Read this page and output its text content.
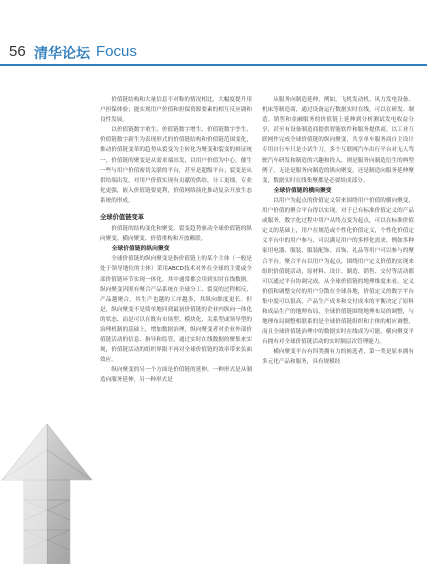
56 清华论坛 Focus

价值链结构和大量信息不对称的情况相比，大幅度提升用户担保体验；能实现用户价值和担保资源要素的相互反应调和良性发展。

以价值链数字重生、价值链数字增生、价值链数字孪生、价值链数字新生为表现形式的价值链结构和价值链范围变化，推动价值链变革的趋势从裂变为主转化为聚变和裂变的辩证统一，价值链的聚变是从需求端出发，以用户价值为中心，催生一些与用户价值密切关联的平台，甚至是超级平台；裂变是从供给端出发，对用户价值实现有贡献的供给，分工更细，专业化更强，嵌入价值链要更利，价值网络演化推动复杂开放生态系统的形成。

全球价值链变革

价值链的结构变化和聚变、裂变趋势驱动全球价值链的纵向聚变、横向聚变、价值重构和开放赖联。

全球价值链的纵向聚变

全球价值链的纵向聚变是指价值链上的某个主体（一般是处于领导地位的主体）采用ABCD技术对外在全球的主要或全部价值链环节实现一体化。其中通常都会用到实时在线数据。纵向聚变因照有聚合产品系统在全球分工、裂变的过程相反，产品越聚合，其生产也越的工序越多，其纵向维度更长。但是，纵向聚变不是简单地回到最初价值链的企业内纵向一体化的状态，而是可以在既有市场型、模块化、关系型或领导型的治理机制的基础上，增加数据治理，纵向聚变者对企业外部价值链活动的信息、指导和监管，通过实时在线数据的聚集来实现，价值链活动的组织界限不再对全球价值链的效率带来负面效应。

纵向聚变的另一个方面是价值链的延伸，一种形式是从制造向服务延伸，另一种形式是

从服务向制造延伸，例如，飞机发动机、风力发电设备、机床等制造商，通过设备运行数据实时在线，可以在研发、制造、销售和金融服务的价值链上延伸到分析测试发电收益分享，甚至有设备制造商提供智能软件和服务提供商。以工业互联网作完成全球价值链的纵向聚变，共享单车服务商自主设计专用自行车只是小试牛刀，多个互联网汽车出行平台对无人驾驶汽车研发和制造的兴趣和投入，则是服务向制造衍生的典型例子，无论是服务向制造的纵向聚变，还是制造向服务延伸聚变，数据实时在线集聚都是必要组成部分。

全球价值链的横向聚变

以用户为起点的价值定义带来围绕用户价值的横向聚变，用户价值的聚合平台得以实现。对于已有标准价值定义的产品或服务，数字化过程中用户从终点变为起点，可以在标准价值定义的基础上，用户在规范或个性化价值定义，个性化价值定义平台中的用户参与，可以满足用户的多样化需求，例如多种家用电器、服装、服装配饰、首饰、礼品等用户可以参与的聚合平台。聚合平台以用户为起点，围绕用户定义价值的实现来组织价值链活动，原材料、设计、制造、销售、交付等活动都可以通过平台协调完成。从全球价值链的地理维度来看，定义价值和调整交付的用户分散在全球各地，价值定义的数字平台集中度可以很高，产品生产成本和交付成本的平衡决定了原料和成品生产的地理布局，全球价值链围绕地理布局的调整，与地理布局调整相联系的是全球价值链组织和主体的相应调整，而且全球价值链治理中的数据实时在线成为可能，横向聚变平台拥有对全球价值链活动的实时隔层次管理能力。

横向聚变平台有四类拥有力的候选者，第一类是原本拥有多元化产品和服务，具有规模经
